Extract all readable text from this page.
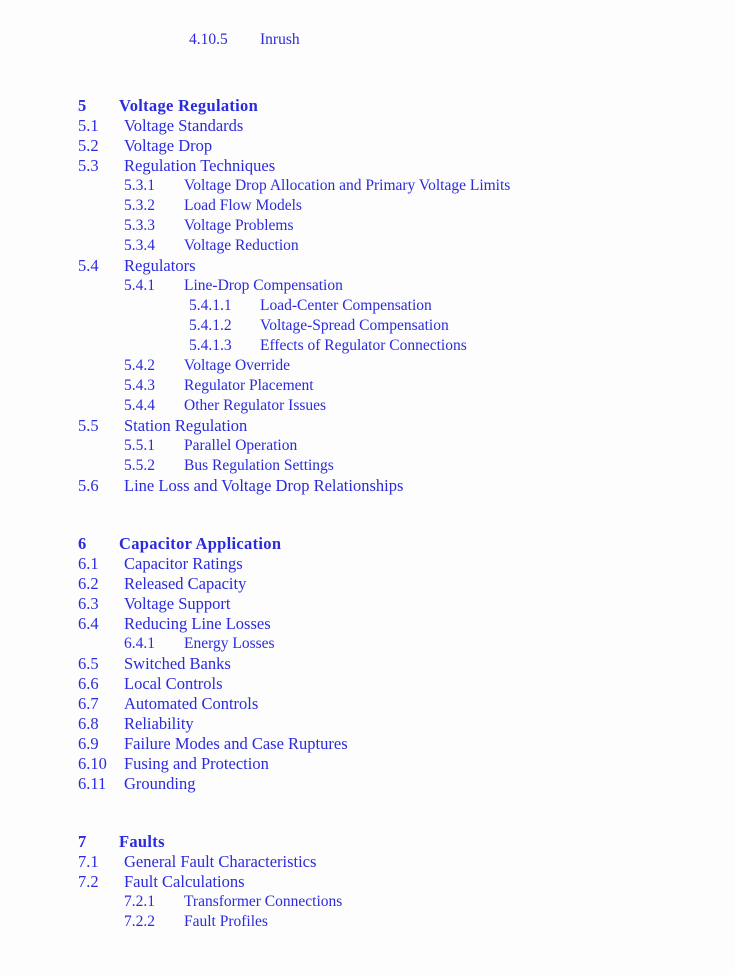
4.10.5	Inrush
5	Voltage Regulation
5.1	Voltage Standards
5.2	Voltage Drop
5.3	Regulation Techniques
5.3.1	Voltage Drop Allocation and Primary Voltage Limits
5.3.2	Load Flow Models
5.3.3	Voltage Problems
5.3.4	Voltage Reduction
5.4	Regulators
5.4.1	Line-Drop Compensation
5.4.1.1	Load-Center Compensation
5.4.1.2	Voltage-Spread Compensation
5.4.1.3	Effects of Regulator Connections
5.4.2	Voltage Override
5.4.3	Regulator Placement
5.4.4	Other Regulator Issues
5.5	Station Regulation
5.5.1	Parallel Operation
5.5.2	Bus Regulation Settings
5.6	Line Loss and Voltage Drop Relationships
6	Capacitor Application
6.1	Capacitor Ratings
6.2	Released Capacity
6.3	Voltage Support
6.4	Reducing Line Losses
6.4.1	Energy Losses
6.5	Switched Banks
6.6	Local Controls
6.7	Automated Controls
6.8	Reliability
6.9	Failure Modes and Case Ruptures
6.10	Fusing and Protection
6.11	Grounding
7	Faults
7.1	General Fault Characteristics
7.2	Fault Calculations
7.2.1	Transformer Connections
7.2.2	Fault Profiles
